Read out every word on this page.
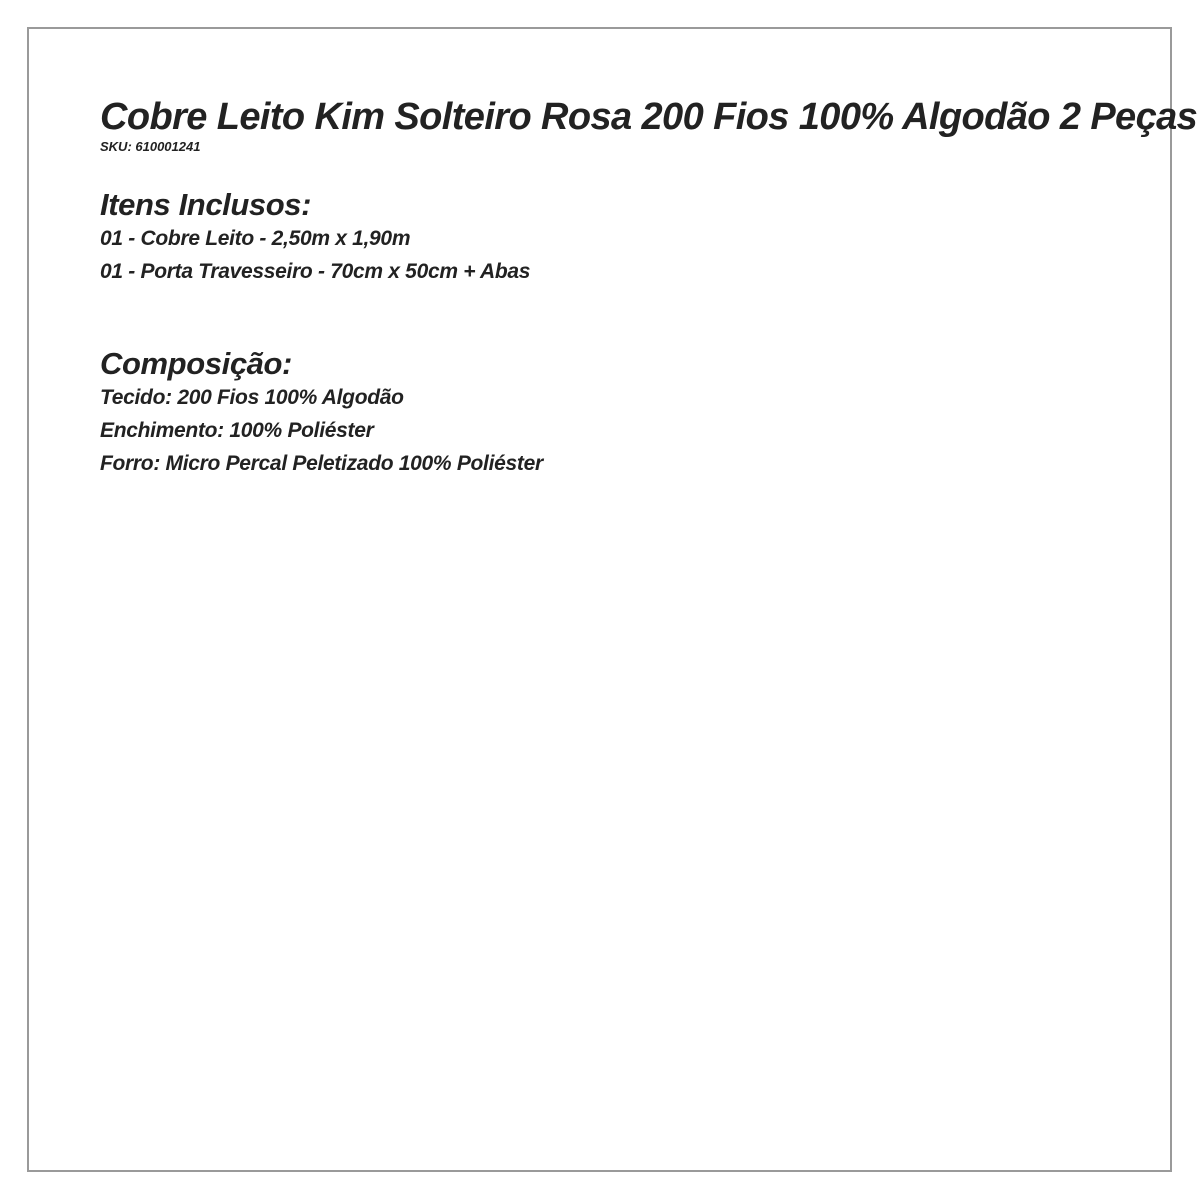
Cobre Leito Kim Solteiro Rosa 200 Fios 100% Algodão 2 Peças

SKU: 610001241

Itens Inclusos:

01 - Cobre Leito - 2,50m x 1,90m

01 - Porta Travesseiro - 70cm x 50cm + Abas

Composição:

Tecido: 200 Fios 100% Algodão

Enchimento: 100% Poliéster

Forro: Micro Percal Peletizado 100% Poliéster
